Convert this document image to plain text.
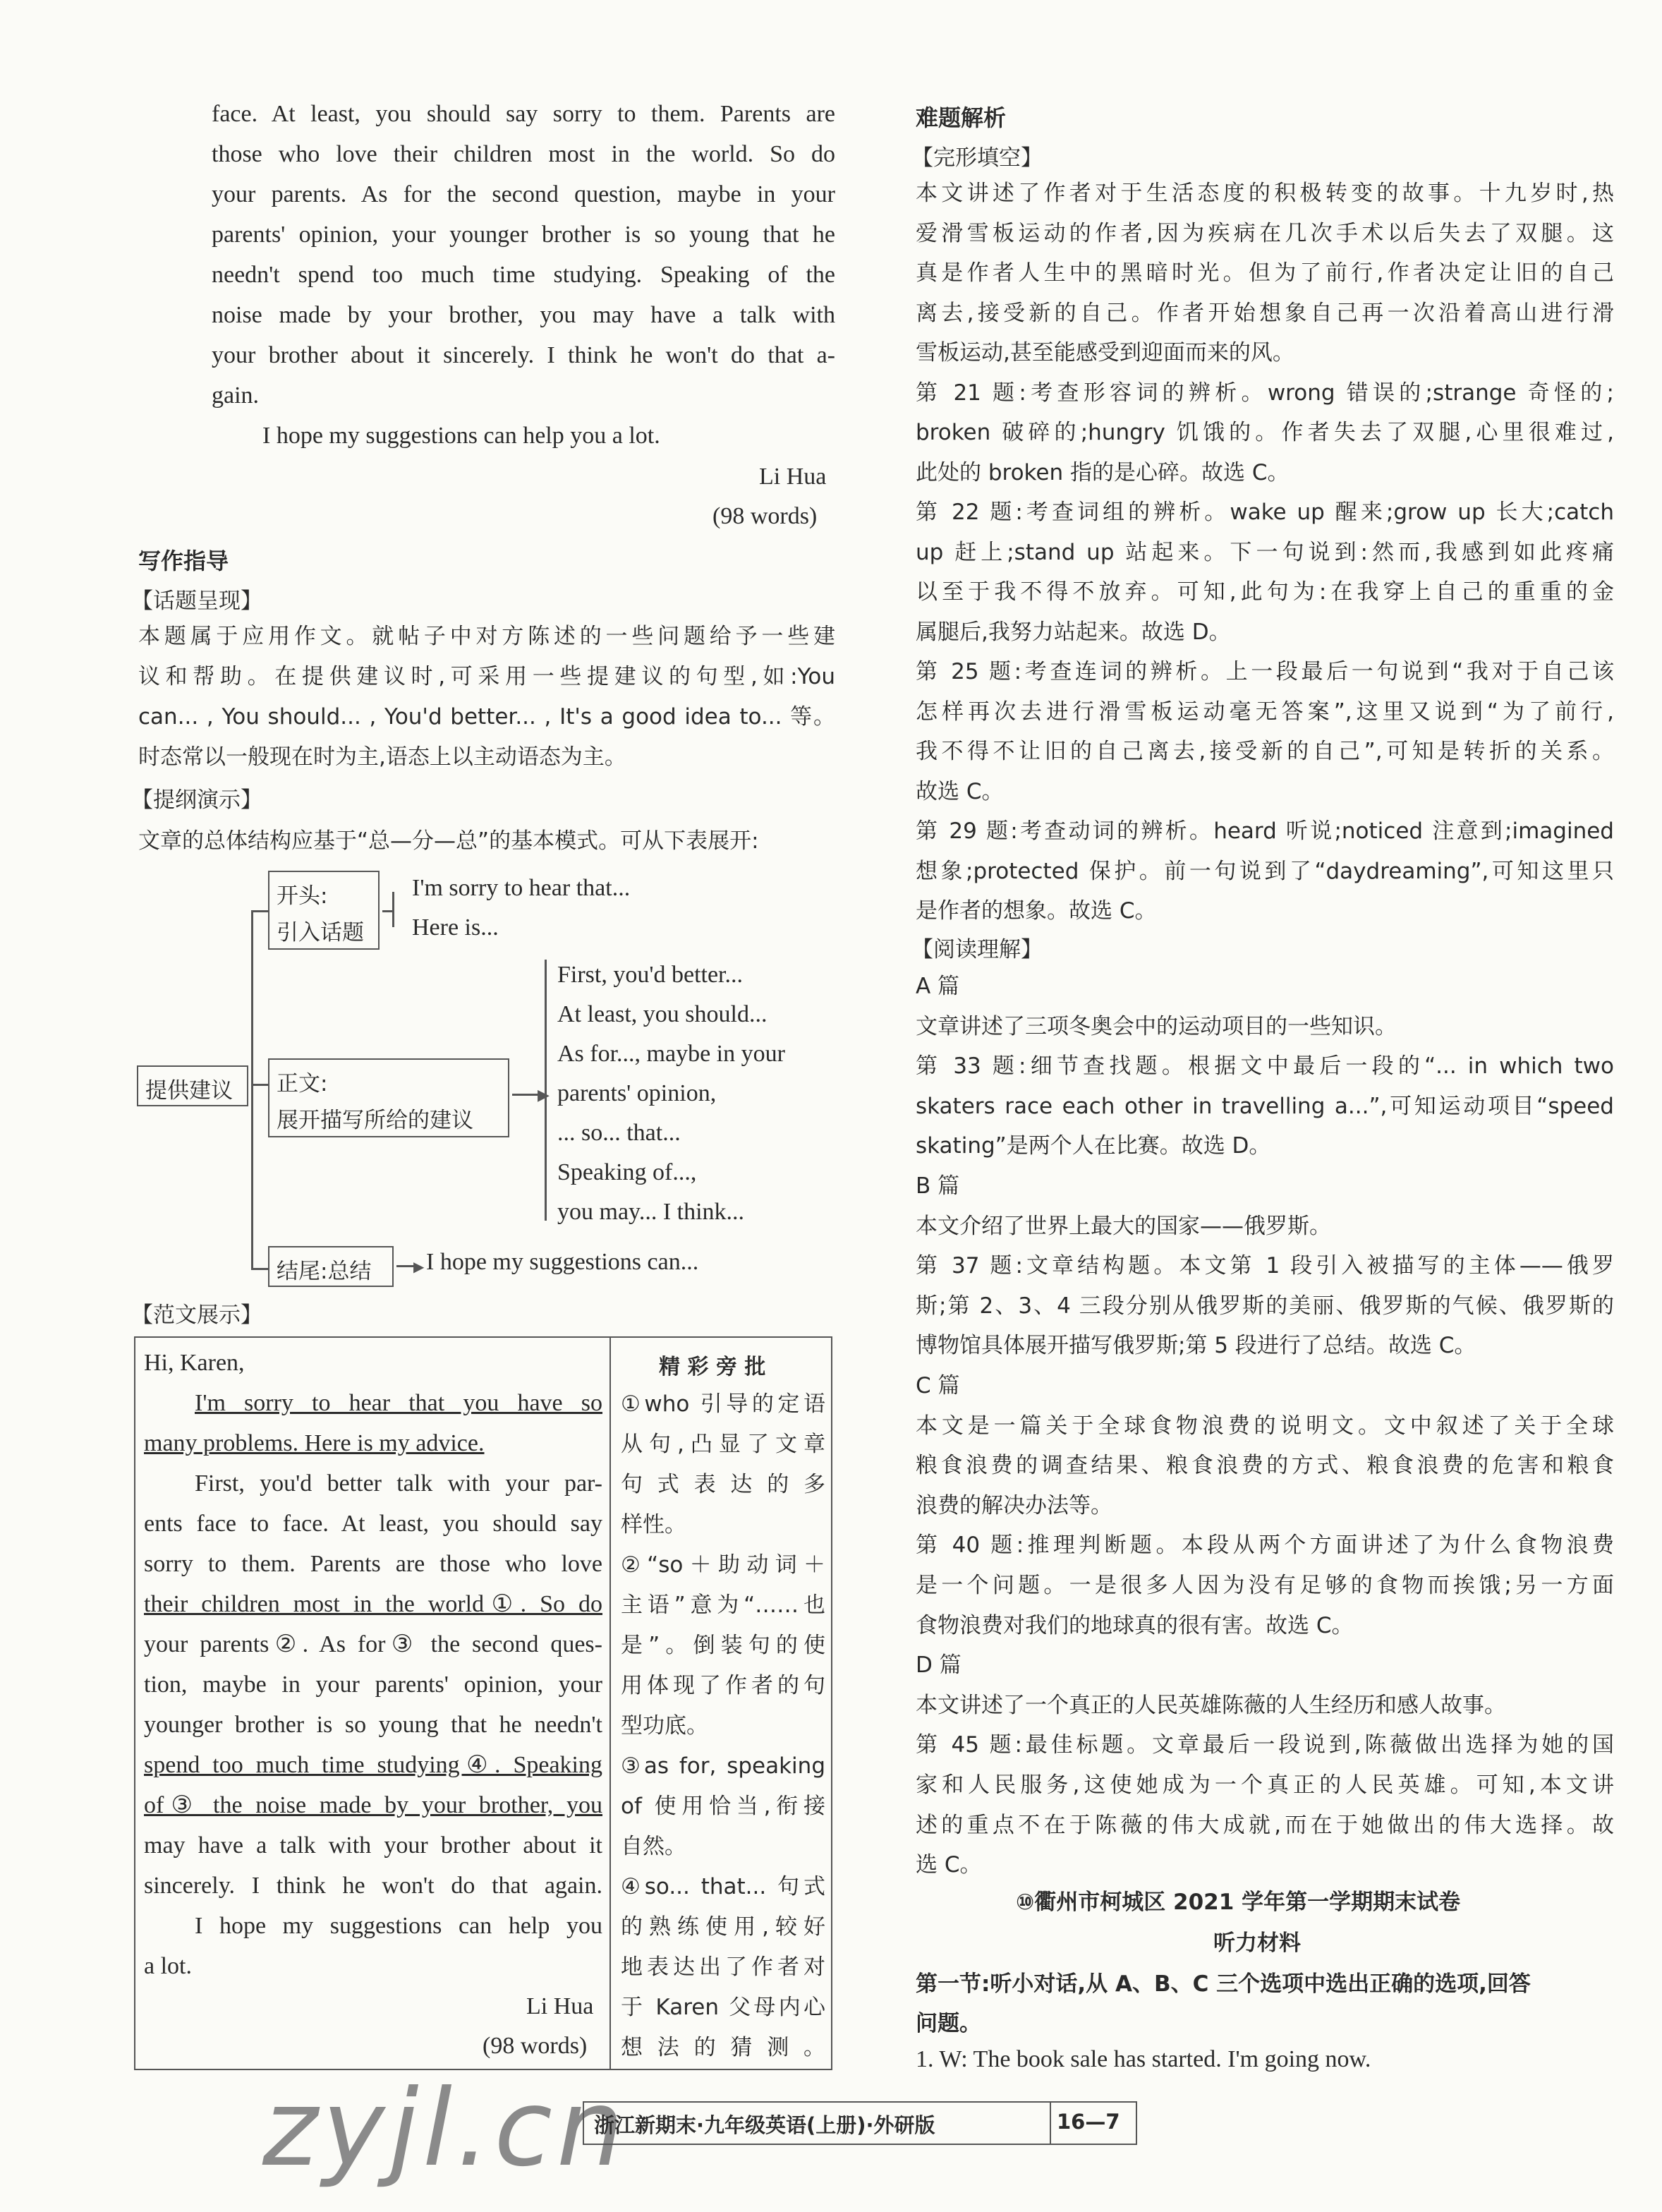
face. At least, you should say sorry to them. Parents are
those who love their children most in the world. So do
your parents. As for the second question, maybe in your
parents' opinion, your younger brother is so young that he
needn't spend too much time studying. Speaking of the
noise made by your brother, you may have a talk with
your brother about it sincerely. I think he won't do that a-
gain.
I hope my suggestions can help you a lot.
Li Hua
(98 words)
写作指导
【话题呈现】
本题属于应用作文。就帖子中对方陈述的一些问题给予一些建
议和帮助。在提供建议时,可采用一些提建议的句型,如:You
can... , You should... , You'd better... , It's a good idea to... 等。
时态常以一般现在时为主,语态上以主动语态为主。
【提纲演示】
文章的总体结构应基于“总—分—总”的基本模式。可从下表展开:
提供建议
开头:
引入话题
I'm sorry to hear that...
Here is...
正文:
展开描写所给的建议
▶
First, you'd better...
At least, you should...
As for..., maybe in your
parents' opinion,
... so... that...
Speaking of...,
you may... I think...
结尾:总结	▶ I hope my suggestions can...
【范文展示】
精 彩 旁 批
Hi, Karen,
I'm sorry to hear that you have so
many problems. Here is my advice.
First, you'd better talk with your par-
ents face to face. At least, you should say
sorry to them. Parents are those who love
their children most in the world①. So do
your parents②. As for③ the second ques-
tion, maybe in your parents' opinion, your
younger brother is so young that he needn't
spend too much time studying④. Speaking
of③ the noise made by your brother, you
may have a talk with your brother about it
sincerely. I think he won't do that again.
I hope my suggestions can help you
a lot.
Li Hua
(98 words)
①who 引导的定语
从句,凸显了文章
句 式 表 达 的 多
样性。
②“so＋助动词＋
主语”意为“……也
是”。倒装句的使
用体现了作者的句
型功底。
③as for, speaking
of 使用恰当,衔接
自然。
④so... that... 句式
的熟练使用,较好
地表达出了作者对
于 Karen 父母内心
想法的猜测。
难题解析
【完形填空】
本文讲述了作者对于生活态度的积极转变的故事。十九岁时,热
爱滑雪板运动的作者,因为疾病在几次手术以后失去了双腿。这
真是作者人生中的黑暗时光。但为了前行,作者决定让旧的自己
离去,接受新的自己。作者开始想象自己再一次沿着高山进行滑
雪板运动,甚至能感受到迎面而来的风。
第 21 题:考查形容词的辨析。wrong 错误的;strange 奇怪的;
broken 破碎的;hungry 饥饿的。作者失去了双腿,心里很难过,
此处的 broken 指的是心碎。故选 C。
第 22 题:考查词组的辨析。wake up 醒来;grow up 长大;catch
up 赶上;stand up 站起来。下一句说到:然而,我感到如此疼痛
以至于我不得不放弃。可知,此句为:在我穿上自己的重重的金
属腿后,我努力站起来。故选 D。
第 25 题:考查连词的辨析。上一段最后一句说到“我对于自己该
怎样再次去进行滑雪板运动毫无答案”,这里又说到“为了前行,
我不得不让旧的自己离去,接受新的自己”,可知是转折的关系。
故选 C。
第 29 题:考查动词的辨析。heard 听说;noticed 注意到;imagined
想象;protected 保护。前一句说到了“daydreaming”,可知这里只
是作者的想象。故选 C。
【阅读理解】
A 篇
文章讲述了三项冬奥会中的运动项目的一些知识。
第 33 题:细节查找题。根据文中最后一段的“... in which two
skaters race each other in travelling a...”,可知运动项目“speed
skating”是两个人在比赛。故选 D。
B 篇
本文介绍了世界上最大的国家——俄罗斯。
第 37 题:文章结构题。本文第 1 段引入被描写的主体——俄罗
斯;第 2、3、4 三段分别从俄罗斯的美丽、俄罗斯的气候、俄罗斯的
博物馆具体展开描写俄罗斯;第 5 段进行了总结。故选 C。
C 篇
本文是一篇关于全球食物浪费的说明文。文中叙述了关于全球
粮食浪费的调查结果、粮食浪费的方式、粮食浪费的危害和粮食
浪费的解决办法等。
第 40 题:推理判断题。本段从两个方面讲述了为什么食物浪费
是一个问题。一是很多人因为没有足够的食物而挨饿;另一方面
食物浪费对我们的地球真的很有害。故选 C。
D 篇
本文讲述了一个真正的人民英雄陈薇的人生经历和感人故事。
第 45 题:最佳标题。文章最后一段说到,陈薇做出选择为她的国
家和人民服务,这使她成为一个真正的人民英雄。可知,本文讲
述的重点不在于陈薇的伟大成就,而在于她做出的伟大选择。故
选 C。
⑩衢州市柯城区 2021 学年第一学期期末试卷
听力材料
第一节:听小对话,从 A、B、C 三个选项中选出正确的选项,回答
问题。
1. W: The book sale has started. I'm going now.
zyjl.cn
浙江新期末·九年级英语(上册)·外研版	16—7
